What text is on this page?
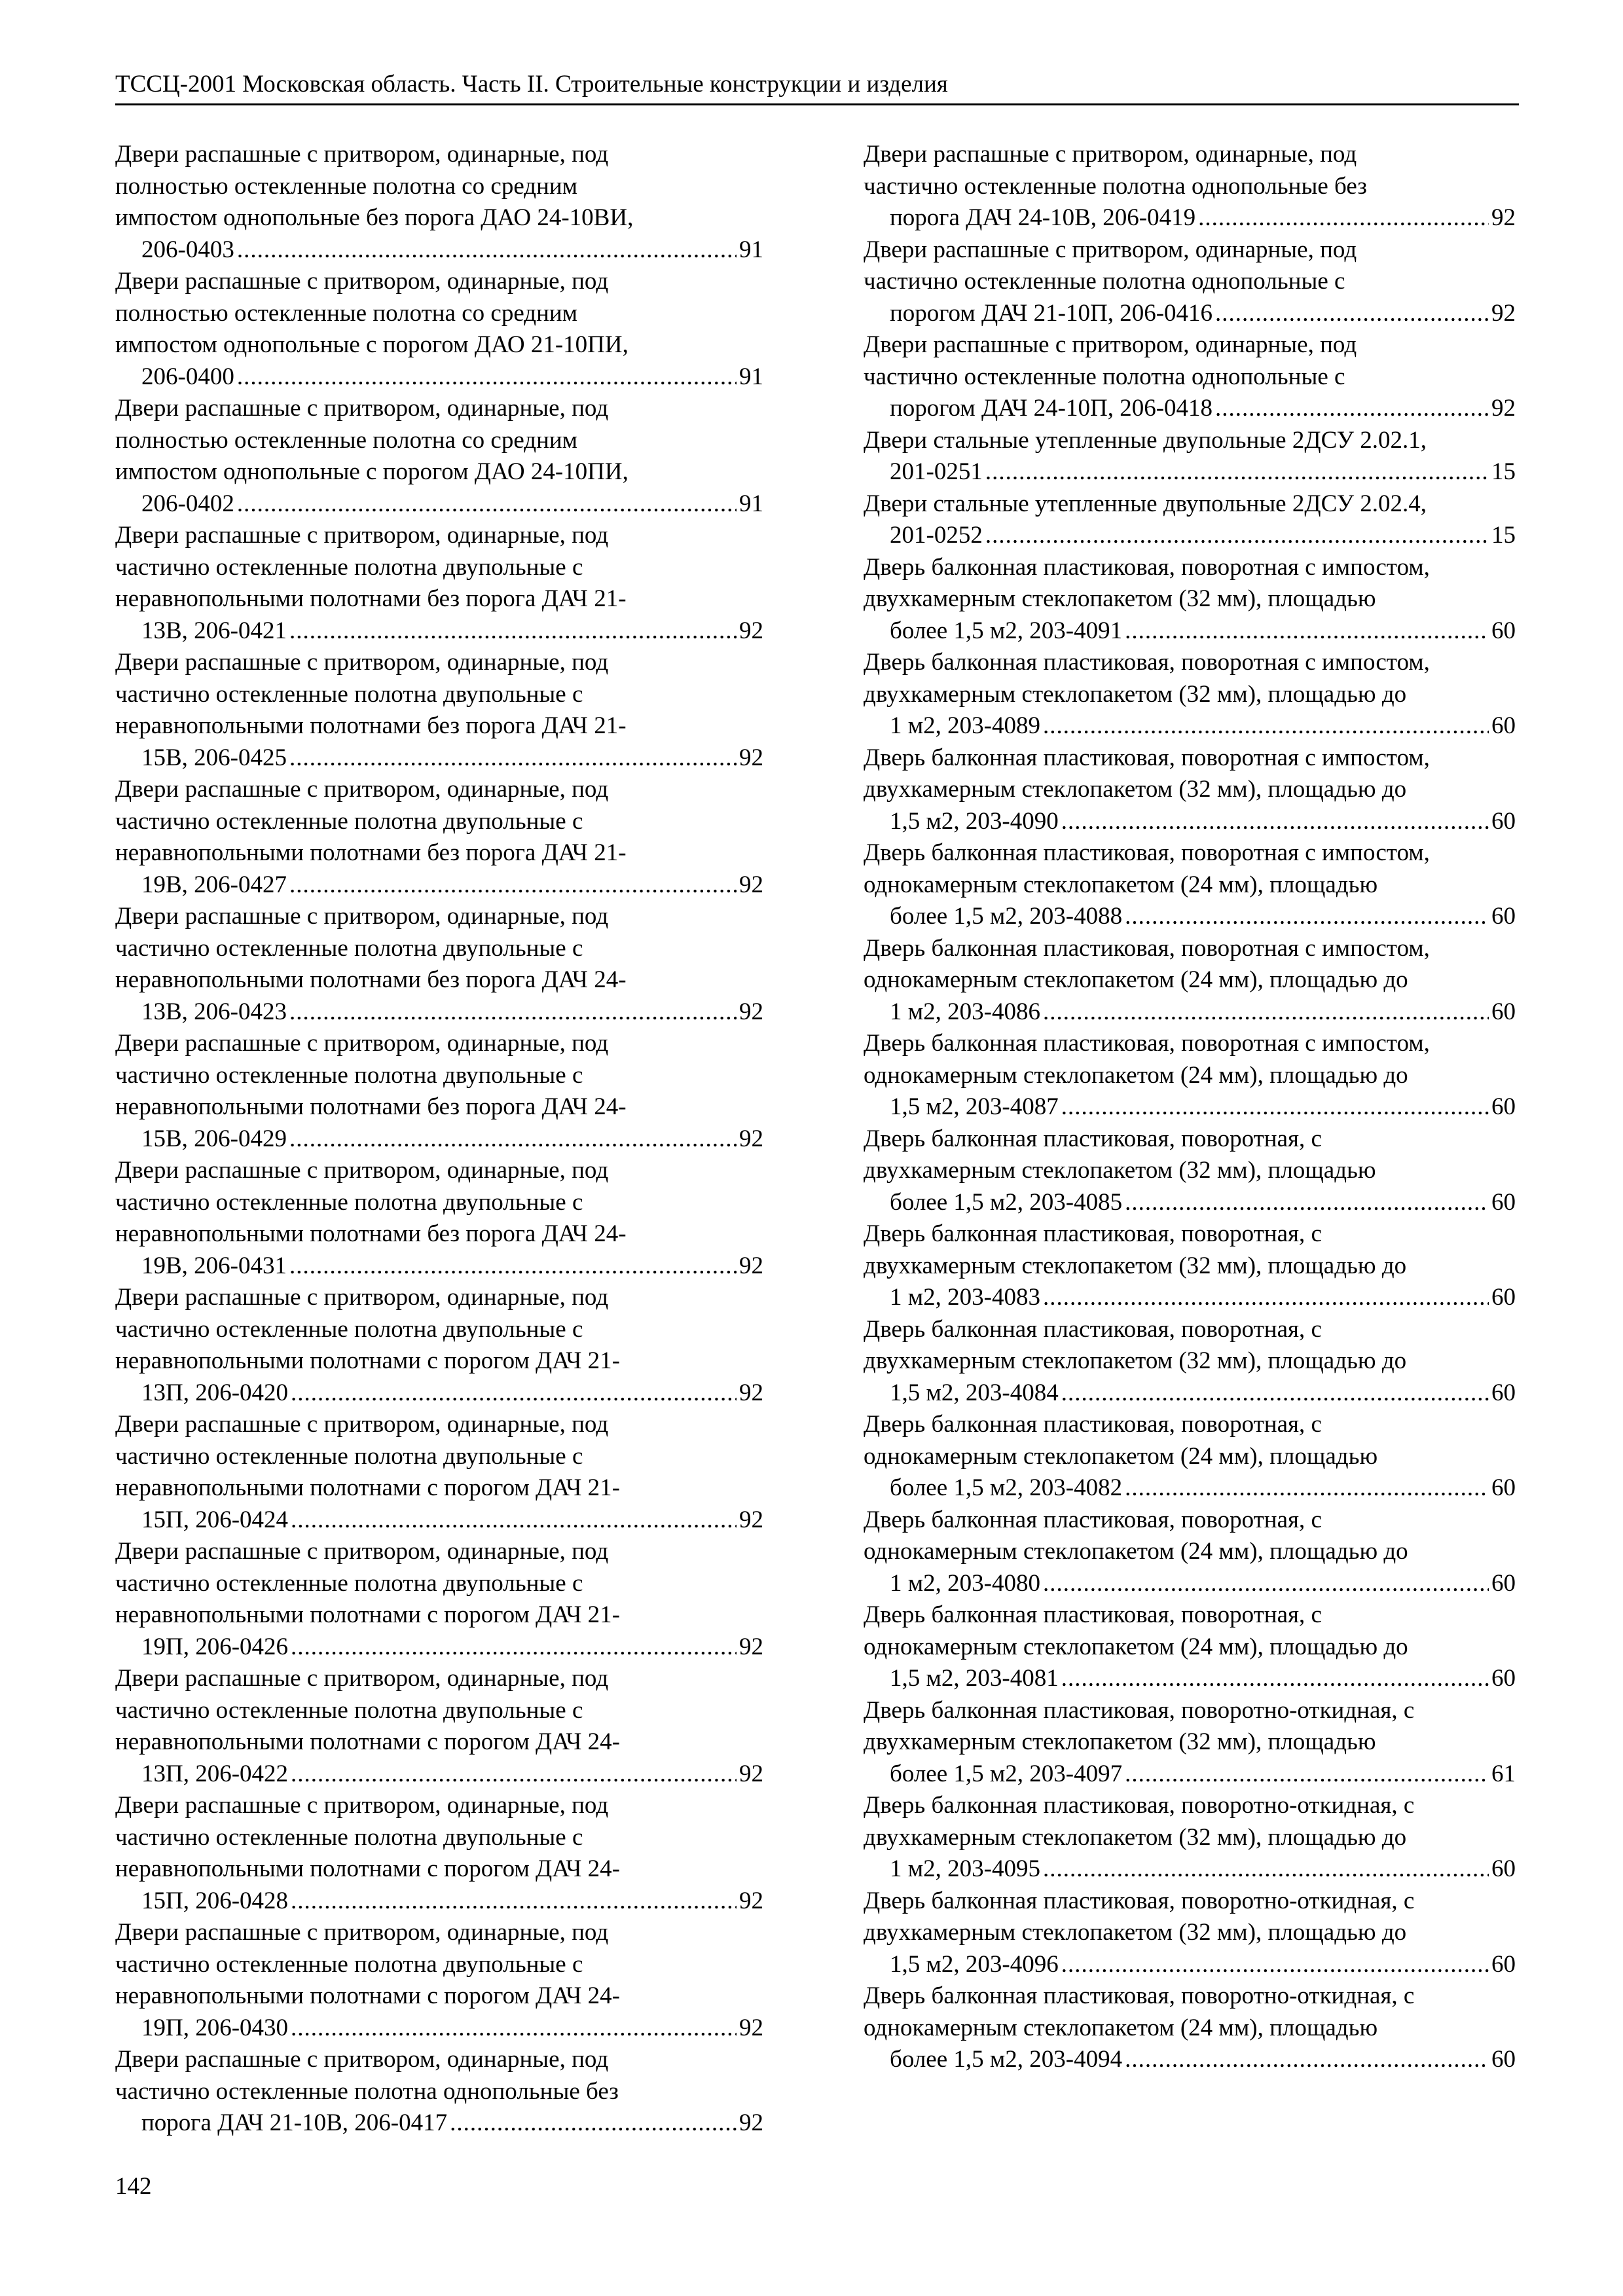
ТССЦ-2001 Московская область. Часть II. Строительные конструкции и изделия
Двери распашные с притвором, одинарные, под
полностью остекленные полотна со средним
импостом однопольные без порога ДАО 24-10ВИ,
206-0403 .....	91
Двери распашные с притвором, одинарные, под
полностью остекленные полотна со средним
импостом однопольные с порогом ДАО 21-10ПИ,
206-0400 .....	91
Двери распашные с притвором, одинарные, под
полностью остекленные полотна со средним
импостом однопольные с порогом ДАО 24-10ПИ,
206-0402 .....	91
Двери распашные с притвором, одинарные, под
частично остекленные полотна двупольные с
неравнопольными полотнами без порога ДАЧ 21-
13В, 206-0421 .....	92
Двери распашные с притвором, одинарные, под
частично остекленные полотна двупольные с
неравнопольными полотнами без порога ДАЧ 21-
15В, 206-0425 .....	92
Двери распашные с притвором, одинарные, под
частично остекленные полотна двупольные с
неравнопольными полотнами без порога ДАЧ 21-
19В, 206-0427 .....	92
Двери распашные с притвором, одинарные, под
частично остекленные полотна двупольные с
неравнопольными полотнами без порога ДАЧ 24-
13В, 206-0423 .....	92
Двери распашные с притвором, одинарные, под
частично остекленные полотна двупольные с
неравнопольными полотнами без порога ДАЧ 24-
15В, 206-0429 .....	92
Двери распашные с притвором, одинарные, под
частично остекленные полотна двупольные с
неравнопольными полотнами без порога ДАЧ 24-
19В, 206-0431 .....	92
Двери распашные с притвором, одинарные, под
частично остекленные полотна двупольные с
неравнопольными полотнами с порогом ДАЧ 21-
13П, 206-0420 .....	92
Двери распашные с притвором, одинарные, под
частично остекленные полотна двупольные с
неравнопольными полотнами с порогом ДАЧ 21-
15П, 206-0424 .....	92
Двери распашные с притвором, одинарные, под
частично остекленные полотна двупольные с
неравнопольными полотнами с порогом ДАЧ 21-
19П, 206-0426 .....	92
Двери распашные с притвором, одинарные, под
частично остекленные полотна двупольные с
неравнопольными полотнами с порогом ДАЧ 24-
13П, 206-0422 .....	92
Двери распашные с притвором, одинарные, под
частично остекленные полотна двупольные с
неравнопольными полотнами с порогом ДАЧ 24-
15П, 206-0428 .....	92
Двери распашные с притвором, одинарные, под
частично остекленные полотна двупольные с
неравнопольными полотнами с порогом ДАЧ 24-
19П, 206-0430 .....	92
Двери распашные с притвором, одинарные, под
частично остекленные полотна однопольные без
порога ДАЧ 21-10В, 206-0417 .....	92
Двери распашные с притвором, одинарные, под
частично остекленные полотна однопольные без
порога ДАЧ 24-10В, 206-0419 .....	92
Двери распашные с притвором, одинарные, под
частично остекленные полотна однопольные с
порогом ДАЧ 21-10П, 206-0416 .....	92
Двери распашные с притвором, одинарные, под
частично остекленные полотна однопольные с
порогом ДАЧ 24-10П, 206-0418 .....	92
Двери стальные утепленные двупольные 2ДСУ 2.02.1,
201-0251 .....	15
Двери стальные утепленные двупольные 2ДСУ 2.02.4,
201-0252 .....	15
Дверь балконная пластиковая, поворотная с импостом,
двухкамерным стеклопакетом (32 мм), площадью
более 1,5 м2, 203-4091 .....	60
Дверь балконная пластиковая, поворотная с импостом,
двухкамерным стеклопакетом (32 мм), площадью до
1 м2, 203-4089 .....	60
Дверь балконная пластиковая, поворотная с импостом,
двухкамерным стеклопакетом (32 мм), площадью до
1,5 м2, 203-4090 .....	60
Дверь балконная пластиковая, поворотная с импостом,
однокамерным стеклопакетом (24 мм), площадью
более 1,5 м2, 203-4088 .....	60
Дверь балконная пластиковая, поворотная с импостом,
однокамерным стеклопакетом (24 мм), площадью до
1 м2, 203-4086 .....	60
Дверь балконная пластиковая, поворотная с импостом,
однокамерным стеклопакетом (24 мм), площадью до
1,5 м2, 203-4087 .....	60
Дверь балконная пластиковая, поворотная, с
двухкамерным стеклопакетом (32 мм), площадью
более 1,5 м2, 203-4085 .....	60
Дверь балконная пластиковая, поворотная, с
двухкамерным стеклопакетом (32 мм), площадью до
1 м2, 203-4083 .....	60
Дверь балконная пластиковая, поворотная, с
двухкамерным стеклопакетом (32 мм), площадью до
1,5 м2, 203-4084 .....	60
Дверь балконная пластиковая, поворотная, с
однокамерным стеклопакетом (24 мм), площадью
более 1,5 м2, 203-4082 .....	60
Дверь балконная пластиковая, поворотная, с
однокамерным стеклопакетом (24 мм), площадью до
1 м2, 203-4080 .....	60
Дверь балконная пластиковая, поворотная, с
однокамерным стеклопакетом (24 мм), площадью до
1,5 м2, 203-4081 .....	60
Дверь балконная пластиковая, поворотно-откидная, с
двухкамерным стеклопакетом (32 мм), площадью
более 1,5 м2, 203-4097 .....	61
Дверь балконная пластиковая, поворотно-откидная, с
двухкамерным стеклопакетом (32 мм), площадью до
1 м2, 203-4095 .....	60
Дверь балконная пластиковая, поворотно-откидная, с
двухкамерным стеклопакетом (32 мм), площадью до
1,5 м2, 203-4096 .....	60
Дверь балконная пластиковая, поворотно-откидная, с
однокамерным стеклопакетом (24 мм), площадью
более 1,5 м2, 203-4094 .....	60
142
